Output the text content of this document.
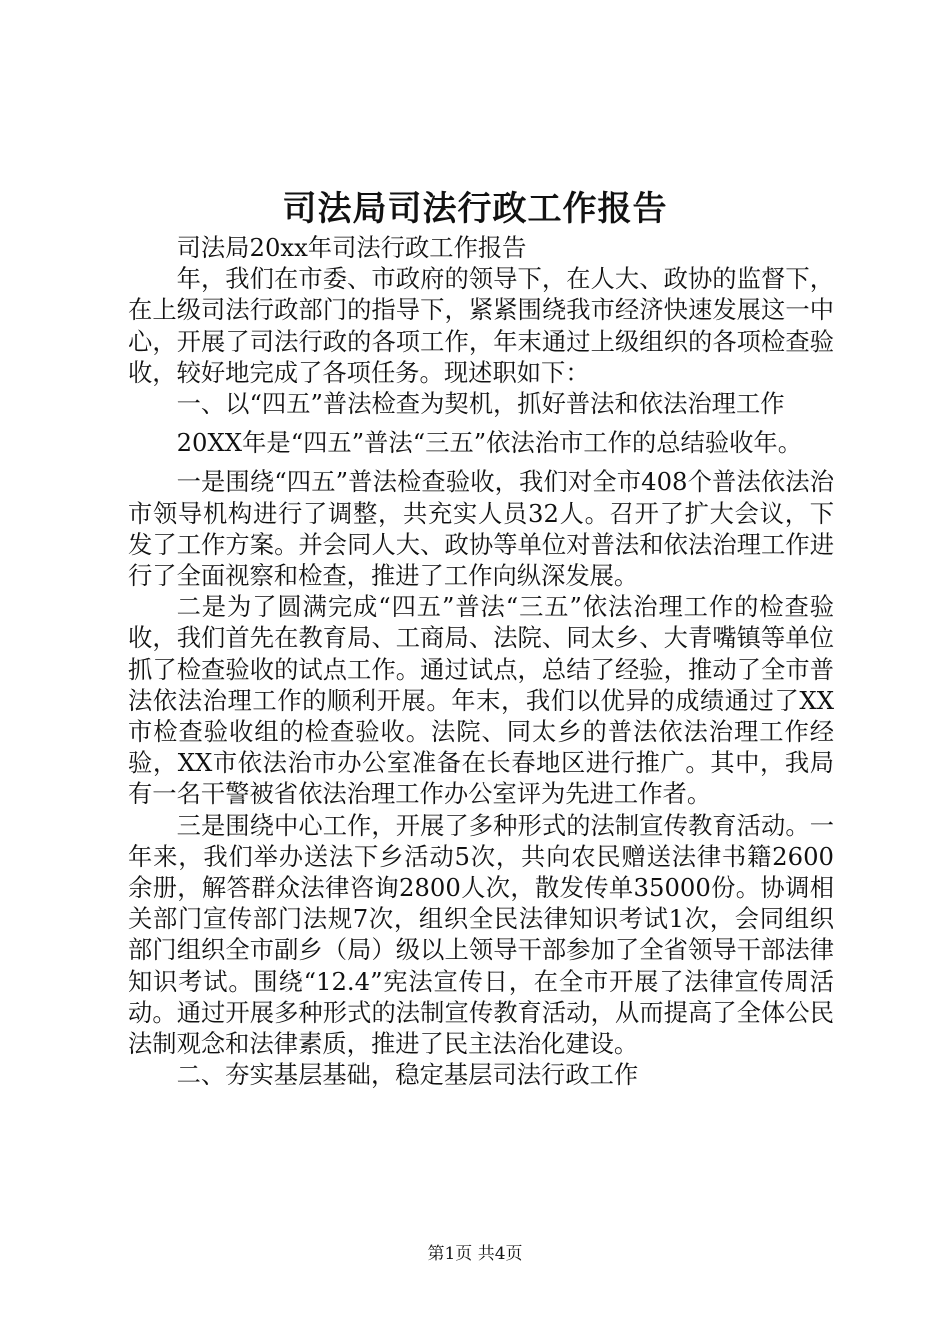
司法局司法行政工作报告

司法局20xx年司法行政工作报告

年，我们在市委、市政府的领导下，在人大、政协的监督下，在上级司法行政部门的指导下，紧紧围绕我市经济快速发展这一中心，开展了司法行政的各项工作，年末通过上级组织的各项检查验收，较好地完成了各项任务。现述职如下：

一、以“四五”普法检查为契机，抓好普法和依法治理工作

20XX年是“四五”普法“三五”依法治市工作的总结验收年。

一是围绕“四五”普法检查验收，我们对全市408个普法依法治市领导机构进行了调整，共充实人员32人。召开了扩大会议，下发了工作方案。并会同人大、政协等单位对普法和依法治理工作进行了全面视察和检查，推进了工作向纵深发展。

二是为了圆满完成“四五”普法“三五”依法治理工作的检查验收，我们首先在教育局、工商局、法院、同太乡、大青嘴镇等单位抓了检查验收的试点工作。通过试点，总结了经验，推动了全市普法依法治理工作的顺利开展。年末，我们以优异的成绩通过了XX市检查验收组的检查验收。法院、同太乡的普法依法治理工作经验，XX市依法治市办公室准备在长春地区进行推广。其中，我局有一名干警被省依法治理工作办公室评为先进工作者。

三是围绕中心工作，开展了多种形式的法制宣传教育活动。一年来，我们举办送法下乡活动5次，共向农民赠送法律书籍2600余册，解答群众法律咨询2800人次，散发传单35000份。协调相关部门宣传部门法规7次，组织全民法律知识考试1次，会同组织部门组织全市副乡（局）级以上领导干部参加了全省领导干部法律知识考试。围绕“12.4”宪法宣传日，在全市开展了法律宣传周活动。通过开展多种形式的法制宣传教育活动，从而提高了全体公民法制观念和法律素质，推进了民主法治化建设。

二、夯实基层基础，稳定基层司法行政工作

第1页 共4页
